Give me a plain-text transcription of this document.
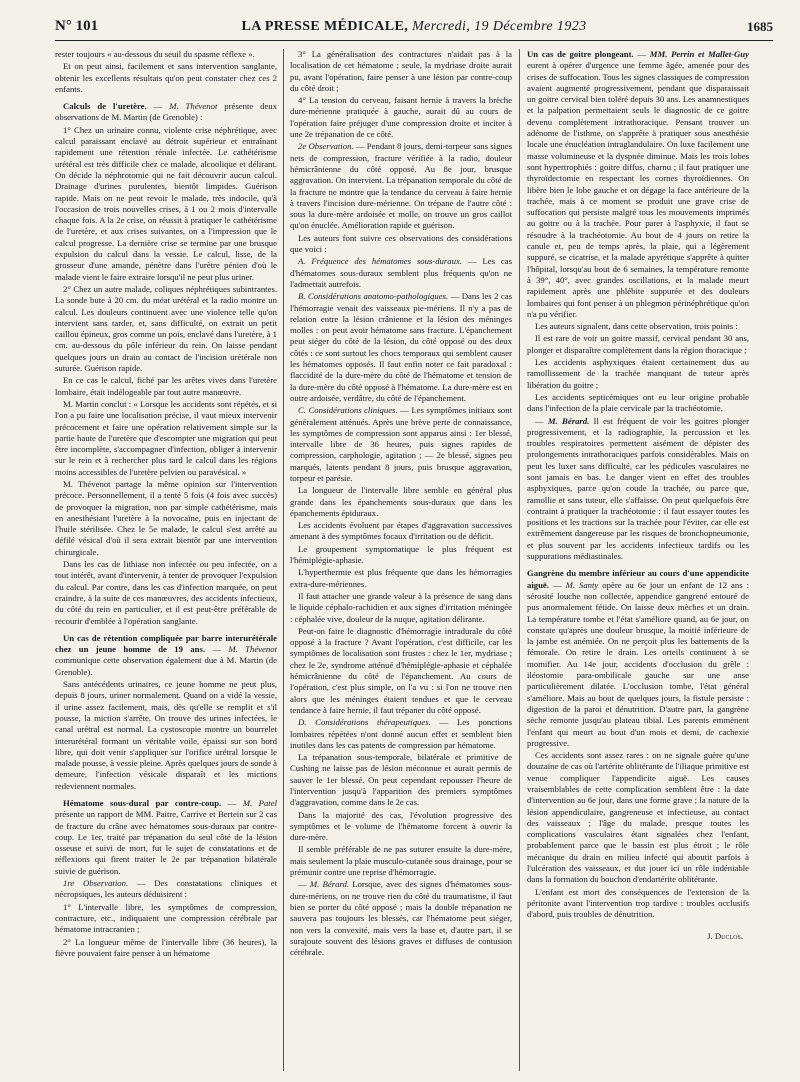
N° 101	LA PRESSE MÉDICALE, Mercredi, 19 Décembre 1923	1685

rester toujours « au-dessous du seuil du spasme réflexe ».

Et on peut ainsi, facilement et sans intervention sanglante, obtenir les excellents résultats qu'on peut constater chez ces 2 enfants.

Calculs de l'uretère. — M. Thévenot présente deux observations de M. Martin (de Grenoble) :

1° Chez un urinaire connu, violente crise néphrétique, avec calcul paraissant enclavé au détroit supérieur et entraînant rapidement une rétention rénale infectée. Le cathétérisme urétéral est très difficile chez ce malade, alcoolique et délirant. On décide la néphrotomie qui ne fait découvrir aucun calcul. Drainage d'urines purulentes, bientôt limpides. Guérison rapide. Mais on ne peut revoir le malade, très indocile, qu'à l'occasion de trois nouvelles crises, à 1 ou 2 mois d'intervalle chaque fois. A la 2e crise, on réussit à pratiquer le cathétérisme de l'uretère, et aux crises suivantes, on a l'impression que le calcul progresse. La dernière crise se termine par une brusque expulsion du calcul dans la vessie. Le calcul, lisse, de la grosseur d'une amande, pénètre dans l'urètre pénien d'où le malade vient le faire extraire lorsqu'il ne peut plus uriner.

2° Chez un autre malade, coliques néphrétiques subintrantes. La sonde bute à 20 cm. du méat urétéral et la radio montre un calcul. Les douleurs continuent avec une violence telle qu'on intervient sans tarder, et, sans difficulté, on extrait un petit caillou épineux, gros comme un pois, enclavé dans l'uretère, à 1 cm. au-dessous du pôle inférieur du rein. On laisse pendant quelques jours un drain au contact de l'incision urétérale non suturée. Guérison rapide.

En ce cas le calcul, fiché par les arêtes vives dans l'uretère lombaire, était indélogeable par tout autre manœuvre.

M. Martin conclut : « Lorsque les accidents sont répétés, et si l'on a pu faire une localisation précise, il vaut mieux intervenir précocement et faire une opération relativement simple sur la partie haute de l'uretère que d'escompter une migration qui peut être incomplète, s'accompagner d'infection, obliger à intervenir sur le rein et à rechercher plus tard le calcul dans les régions moins accessibles de l'uretère pelvien ou paravésical. »

M. Thévenot partage la même opinion sur l'intervention précoce. Personnellement, il a tenté 5 fois (4 fois avec succès) de provoquer la migration, non par simple cathétérisme, mais en anesthésiant l'uretère à la novocaïne, puis en injectant de l'huile stérilisée. Chez le 5e malade, le calcul s'est arrêté au défilé vésical d'où il sera extrait bientôt par une intervention chirurgicale.

Dans les cas de lithiase non infectée ou peu infectée, on a tout intérêt, avant d'intervenir, à tenter de provoquer l'expulsion du calcul. Par contre, dans les cas d'infection marquée, on peut craindre, à la suite de ces manœuvres, des accidents infectieux, du côté du rein en particulier, et il est peut-être préférable de recourir d'emblée à l'opération sanglante.

Un cas de rétention compliquée par barre interurétérale chez un jeune homme de 19 ans. — M. Thévenot communique cette observation également due à M. Martin (de Grenoble).

Sans antécédents urinaires, ce jeune homme ne peut plus, depuis 8 jours, uriner normalement. Quand on a vidé la vessie, il urine assez facilement, mais, dès qu'elle se remplit et s'il pousse, la miction s'arrête. On trouve des urines infectées, le canal urétral est normal. La cystoscopie montre un bourrelet interurétéral formant un véritable voile, épaissi sur son bord libre, qui doit venir s'appliquer sur l'orifice urétral lorsque le malade pousse, à vessie pleine. Après quelques jours de sonde à demeure, l'infection vésicale disparaît et les mictions redeviennent normales.

Hématome sous-dural par contre-coup. — M. Patel présente un rapport de MM. Paitre, Carrive et Bertein sur 2 cas de fracture du crâne avec hématomes sous-duraux par contre-coup. Le 1er, traité par trépanation du seul côté de la lésion osseuse et suivi de mort, fut le sujet de constatations et de réflexions qui firent traiter le 2e par trépanation bilatérale suivie de guérison.

1re Observation. — Des constatations cliniques et nécropsiques, les auteurs déduisirent :

1° L'intervalle libre, les symptômes de compression, contracture, etc., indiquaient une compression cérébrale par hématome intracranien ;

2° La longueur même de l'intervalle libre (36 heures), la fièvre pouvaient faire penser à un hématome

3° La généralisation des contractures n'aidait pas à la localisation de cet hématome ; seule, la mydriase droite aurait pu, avant l'opération, faire penser à une lésion par contre-coup du côté droit ;

4° La tension du cerveau, faisant hernie à travers la brèche dure-mérienne pratiquée à gauche, aurait dû au cours de l'opération faire préjuger d'une compression droite et inciter à une 2e trépanation de ce côté.

2e Observation. — Pendant 8 jours, demi-torpeur sans signes nets de compression, fracture vérifiée à la radio, douleur hémicrânienne du côté opposé. Au 8e jour, brusque aggravation. On intervient. La trépanation temporale du côté de la fracture ne montre que la tendance du cerveau à faire hernie à travers l'incision dure-mérienne. On trépane de l'autre côté : sous la dure-mère ardoisée et molle, on trouve un gros caillot qu'on énuclée. Amélioration rapide et guérison.

Les auteurs font suivre ces observations des considérations que voici :

A. Fréquence des hématomes sous-duraux. — Les cas d'hématomes sous-duraux semblent plus fréquents qu'on ne l'admettait autrefois.

B. Considérations anatomo-pathologiques. — Dans les 2 cas l'hémorragie venait des vaisseaux pie-mériens. Il n'y a pas de relation entre la lésion crânienne et la lésion des méninges molles : on peut avoir hématome sans fracture. L'épanchement peut siéger du côté de la lésion, du côté opposé ou des deux côtés : ce sont surtout les chocs temporaux qui semblent causer les hématomes opposés. Il faut enfin noter ce fait paradoxal : flaccidité de la dure-mère du côté de l'hématome et tension de la dure-mère du côté opposé à l'hématome. La dure-mère est en outre ardoisée, verdâtre, du côté de l'épanchement.

C. Considérations cliniques. — Les symptômes initiaux sont généralement atténués. Après une brève perte de connaissance, les symptômes de compression sont apparus ainsi : 1er blessé, intervalle libre de 36 heures, puis signes rapides de compression, carphologie, agitation ; — 2e blessé, signes peu marqués, latents pendant 8 jours, puis brusque aggravation, torpeur et parésie.

La longueur de l'intervalle libre semble en général plus grande dans les épanchements sous-duraux que dans les épanchements épiduraux.

Les accidents évoluent par étapes d'aggravation successives amenant à des symptômes focaux d'irritation ou de déficit.

Le groupement symptomatique le plus fréquent est l'hémiplégie-aphasie.

L'hyperthermie est plus fréquente que dans les hémorragies extra-dure-mériennes.

Il faut attacher une grande valeur à la présence de sang dans le liquide céphalo-rachidien et aux signes d'irritation méningée : céphalée vive, douleur de la nuque, agitation délirante.

Peut-on faire le diagnostic d'hémorragie intradurale du côté opposé à la fracture ? Avant l'opération, c'est difficile, car les symptômes de localisation sont frustes : chez le 1er, mydriase ; chez le 2e, syndrome atténué d'hémiplégie-aphasie et céphalée hémicrânienne du côté de l'épanchement. Au cours de l'opération, c'est plus simple, on l'a vu : si l'on ne trouve rien alors que les méninges étaient tendues et que le cerveau tendance à faire hernie, il faut trépaner du côté opposé.

D. Considérations thérapeutiques. — Les ponctions lombaires répétées n'ont donné aucun effet et semblent bien inutiles dans les cas patents de compression par hématome.

La trépanation sous-temporale, bilatérale et primitive de Cushing ne laisse pas de lésion méconnue et aurait permis de sauver le 1er blessé. On peut cependant repousser l'heure de l'intervention jusqu'à l'apparition des premiers symptômes d'aggravation, comme dans le 2e cas.

Dans la majorité des cas, l'évolution progressive des symptômes et le volume de l'hématome forcent à ouvrir la dure-mère.

Il semble préférable de ne pas suturer ensuite la dure-mère, mais seulement la plaie musculo-cutanée sous drainage, pour se prémunir contre une reprise d'hémorragie.

— M. Bérard. Lorsque, avec des signes d'hématomes sous-dure-mériens, on ne trouve rien du côté du traumatisme, il faut bien se porter du côté opposé ; mais la double trépanation ne sauvera pas toujours les blessés, car l'hématome peut siéger, non vers la convexité, mais vers la base et, d'autre part, il se surajoute souvent des lésions graves et diffuses de contusion cérébrale.

Un cas de goitre plongeant. — MM. Perrin et Mallet-Guy eurent à opérer d'urgence une femme âgée, amenée pour des crises de suffocation. Tous les signes classiques de compression avaient augmenté progressivement, pendant que disparaissait un goitre cervical bien toléré depuis 30 ans. Les anamnestiques et la palpation permettaient seuls le diagnostic de ce goitre devenu complètement intrathoracique. Pensant trouver un adénome de l'isthme, on s'apprête à pratiquer sous anesthésie locale une énucléation intraglandulaire. On luxe facilement une masse volumineuse et la dyspnée diminue. Mais les trois lobes sont hypertrophiés : goitre diffus, charnu ; il faut pratiquer une thyroïdectomie en respectant les cornes thyroïdiennes. On libère bien le lobe gauche et on dégage la face antérieure de la trachée, mais à ce moment se produit une grave crise de suffocation qui persiste malgré tous les mouvements imprimés au goitre ou à la trachée. Pour parer à l'asphyxie, il faut se résoudre à la trachéotomie. Au bout de 4 jours on retire la canule et, peu de temps après, la plaie, qui a légèrement suppuré, se cicatrise, et la malade apyrétique s'apprête à quitter l'hôpital, lorsqu'au bout de 6 semaines, la température remonte à 39°, 40°, avec grandes oscillations, et la malade meurt rapidement après une phlébite suppurée et des douleurs lombaires qui font penser à un phlegmon périnéphrétique qu'on n'a pu vérifier.

Les auteurs signalent, dans cette observation, trois points :

Il est rare de voir un goitre massif, cervical pendant 30 ans, plonger et disparaître complètement dans la région thoracique ;

Les accidents asphyxiques étaient certainement dus au ramollissement de la trachée manquant de tuteur après libération du goitre ;

Les accidents septicémiques ont eu leur origine probable dans l'infection de la plaie cervicale par la trachéotomie.

— M. Bérard. Il est fréquent de voir les goitres plonger progressivement, et la radiographie, la percussion et les troubles respiratoires permettent aisément de dépister des prolongements intrathoraciques parfois considérables. Mais on peut les luxer sans difficulté, car les pédicules vasculaires ne sont jamais en bas. Le danger vient en effet des troubles asphyxiques, parce qu'on coude la trachée, ou parce que, ramollie et sans tuteur, elle s'affaisse. On peut quelquefois être contraint à pratiquer la trachéotomie : il faut essayer toutes les positions et les tractions sur la trachée pour l'éviter, car elle est extrêmement dangereuse par les risques de bronchopneumonie, et plus souvent par les accidents infectieux tardifs ou les suppurations médiastinales.

Gangrène du membre inférieur au cours d'une appendicite aiguë. — M. Santy opère au 6e jour un enfant de 12 ans : sérosité louche non collectée, appendice gangrené entouré de pus anormalement fétide. On laisse deux mèches et un drain. La température tombe et l'état s'améliore quand, au 6e jour, on constate qu'après une douleur brusque, la moitié inférieure de la jambe est anémiée. On ne perçoit plus les battements de la fémorale. On retire le drain. Les orteils continuent à se momifier. Au 14e jour, accidents d'occlusion du grêle : iléostomie para-ombilicale gauche sur une anse particulièrement dilatée. L'occlusion tombe, l'état général s'améliore. Mais au bout de quelques jours, la fistule persiste : digestion de la paroi et dénutrition. D'autre part, la gangrène sèche remonte jusqu'au plateau tibial. Les parents emmènent l'enfant qui meurt au bout d'un mois et demi, de cachexie progressive.

Ces accidents sont assez rares : on ne signale guère qu'une douzaine de cas où l'artérite oblitérante de l'iliaque primitive est venue compliquer l'appendicite aiguë. Les causes vraisemblables de cette complication semblent être : la date d'intervention au 6e jour, dans une forme grave ; la nature de la lésion appendiculaire, gangreneuse et infectieuse, au contact des vaisseaux ; l'âge du malade, presque toutes les complications vasculaires étant signalées chez l'enfant, probablement parce que le bassin est plus étroit ; le rôle mécanique du drain en milieu infecté qui aboutit parfois à l'ulcération des vaisseaux, et dut jouer ici un rôle indéniable dans la formation du bouchon d'endartérite oblitérante.

L'enfant est mort des conséquences de l'extension de la péritonite avant l'intervention trop tardive : troubles occlusifs d'abord, puis troubles de dénutrition.

J. Duclos.
